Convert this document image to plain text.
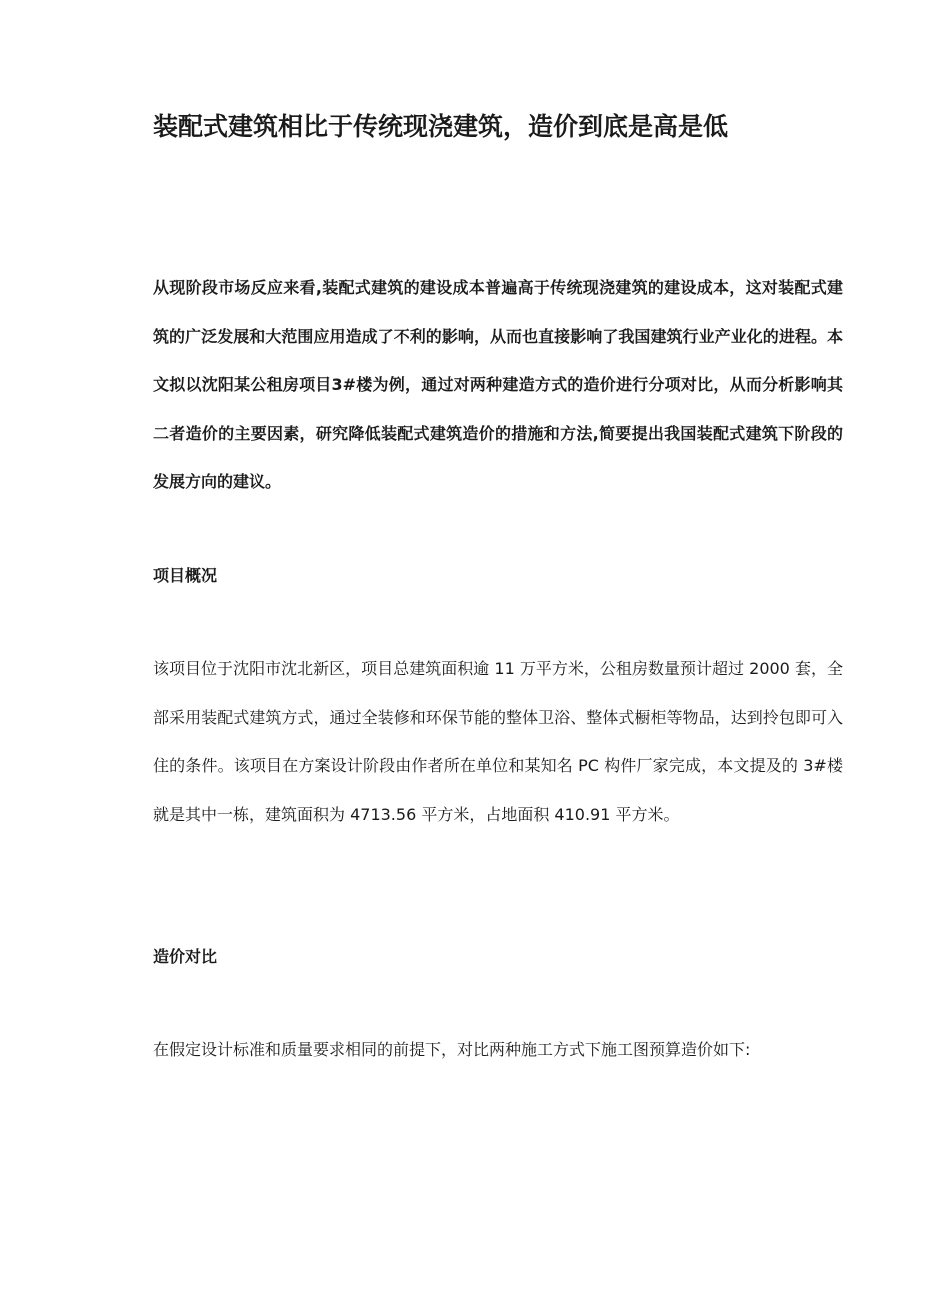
装配式建筑相比于传统现浇建筑，造价到底是高是低

从现阶段市场反应来看,装配式建筑的建设成本普遍高于传统现浇建筑的建设成本，这对装配式建筑的广泛发展和大范围应用造成了不利的影响，从而也直接影响了我国建筑行业产业化的进程。本文拟以沈阳某公租房项目3#楼为例，通过对两种建造方式的造价进行分项对比，从而分析影响其二者造价的主要因素，研究降低装配式建筑造价的措施和方法,简要提出我国装配式建筑下阶段的发展方向的建议。

项目概况

该项目位于沈阳市沈北新区，项目总建筑面积逾 11 万平方米，公租房数量预计超过 2000 套，全部采用装配式建筑方式，通过全装修和环保节能的整体卫浴、整体式橱柜等物品，达到拎包即可入住的条件。该项目在方案设计阶段由作者所在单位和某知名 PC 构件厂家完成，本文提及的 3#楼就是其中一栋，建筑面积为 4713.56 平方米，占地面积 410.91 平方米。

造价对比

在假定设计标准和质量要求相同的前提下，对比两种施工方式下施工图预算造价如下:
